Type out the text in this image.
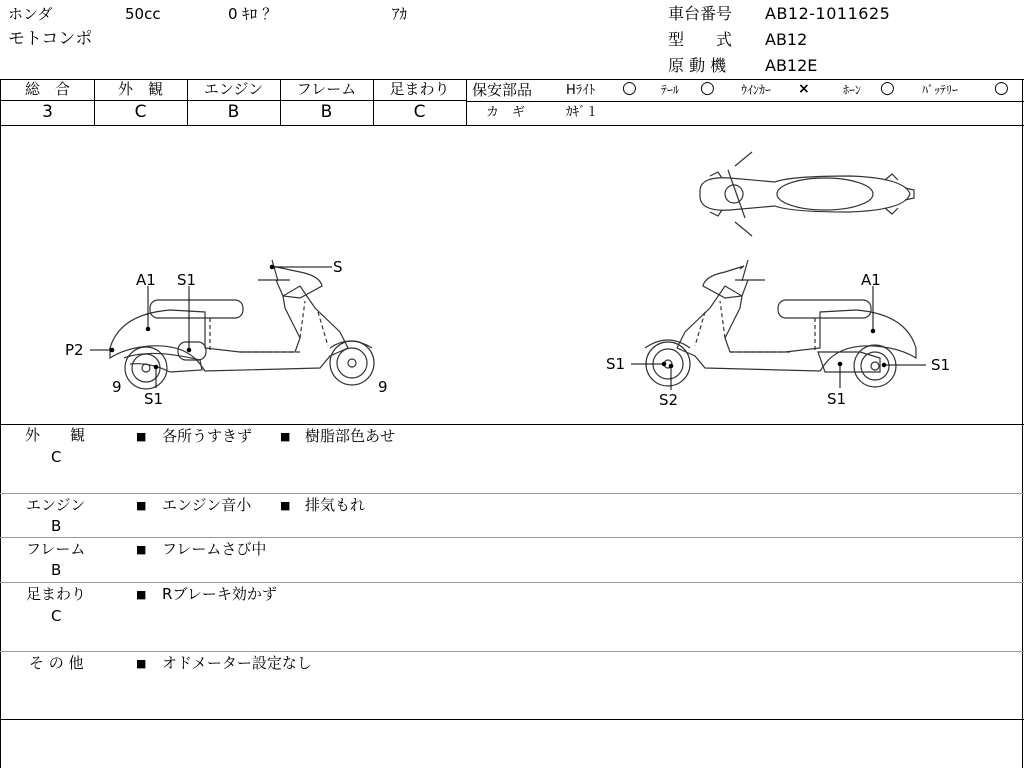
ホンダ	50cc	0 ｷﾛ ？	ｱｶ
モトコンポ
車台番号 AB12-1011625
型　　式 AB12
原 動 機 AB12E
総　合
3
外　観
C
エンジン
B
フレーム
B
足まわり
C
保安部品	Hﾗｲﾄ ○ ﾃｰﾙ ○ ｳｲﾝｶｰ ×	ﾎｰﾝ ○ ﾊﾞｯﾃﾘｰ ○
カ　ギ	ｶｷﾞ１
A1 S1
S
P2
9	9
S1
A1
S1	S1
S2	S1
外　　観
C
■ 各所うすきず	■ 樹脂部色あせ
エンジン
B
■ エンジン音小	■ 排気もれ
フレーム
B
■ フレームさび中
足まわり
C
■ Rブレーキ効かず
そ の 他	■ オドメーター設定なし
